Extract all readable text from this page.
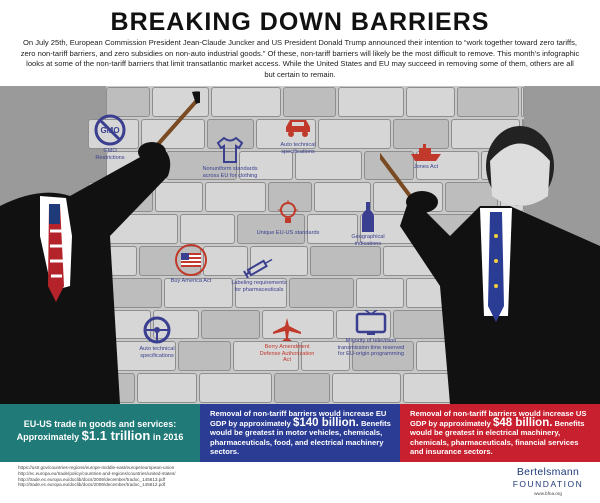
BREAKING DOWN BARRIERS
On July 25th, European Commission President Jean-Claude Juncker and US President Donald Trump announced their intention to “work together toward zero tariffs, zero non-tariff barriers, and zero subsidies on non-auto industrial goods.” Of these, non-tariff barriers will likely be the most difficult to remove. This month’s infographic looks at some of the non-tariff barriers that limit transatlantic market access. While the United States and EU may succeed in removing some of them, others are all but certain to remain.
GMO
GMO Restrictions
Nonuniform standards across EU for clothing
Auto technical specifications
Jones Act
Unique EU-US standards
Geographical indications
Buy America Act	Labeling requirements for pharmaceuticals
Auto technical specifications
Berry Amendment Defense Authorization Act
Majority of television transmission time reserved for EU-origin programming
EU-US trade in goods and services:
Approximately $1.1 trillion in 2016
Removal of non-tariff barriers would increase EU GDP by approximately $140 billion. Benefits would be greatest in motor vehicles, chemicals, pharmaceuticals, food, and electrical machinery sectors.
Removal of non-tariff barriers would increase US GDP by approximately $48 billion. Benefits would be greatest in electrical machinery, chemicals, pharmaceuticals, financial services and insurance sectors.
https://ustr.gov/countries-regions/europe-middle-east/europe/european-union
http://ec.europa.eu/trade/policy/countries-and-regions/countries/united-states/
http://trade.ec.europa.eu/doclib/docs/2009/december/tradoc_145613.pdf
http://trade.ec.europa.eu/doclib/docs/2009/december/tradoc_145612.pdf
Bertelsmann
FOUNDATION
www.bfna.org
